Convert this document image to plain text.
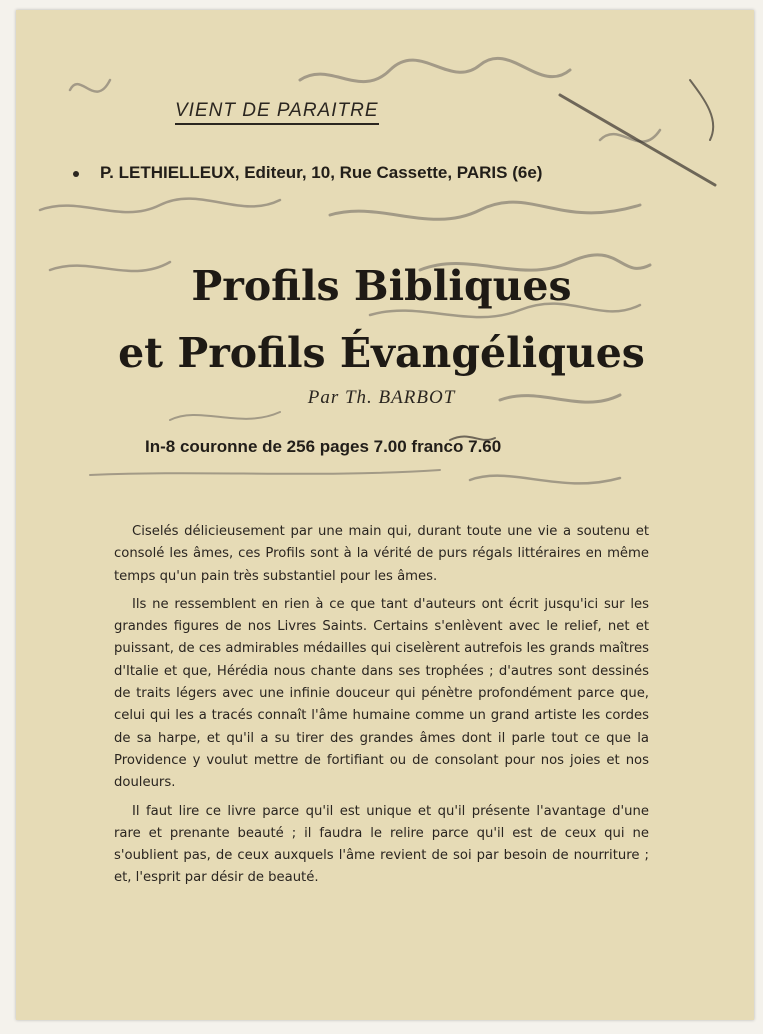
VIENT DE PARAITRE
P. LETHIELLEUX, Editeur, 10, Rue Cassette, PARIS (6e)
Profils Bibliques
et Profils Évangéliques
Par Th. BARBOT
In-8 couronne de 256 pages 7.00 franco 7.60

Ciselés délicieusement par une main qui, durant toute une vie a soutenu et consolé les âmes, ces Profils sont à la vérité de purs régals littéraires en même temps qu'un pain très substantiel pour les âmes.

Ils ne ressemblent en rien à ce que tant d'auteurs ont écrit jusqu'ici sur les grandes figures de nos Livres Saints. Certains s'enlèvent avec le relief, net et puissant, de ces admirables médailles qui ciselèrent autrefois les grands maîtres d'Italie et que, Hérédia nous chante dans ses trophées ; d'autres sont dessinés de traits légers avec une infinie douceur qui pénètre profondément parce que, celui qui les a tracés connaît l'âme humaine comme un grand artiste les cordes de sa harpe, et qu'il a su tirer des grandes âmes dont il parle tout ce que la Providence y voulut mettre de fortifiant ou de consolant pour nos joies et nos douleurs.

Il faut lire ce livre parce qu'il est unique et qu'il présente l'avantage d'une rare et prenante beauté ; il faudra le relire parce qu'il est de ceux qui ne s'oublient pas, de ceux auxquels l'âme revient de soi par besoin de nourriture ; et, l'esprit par désir de beauté.
